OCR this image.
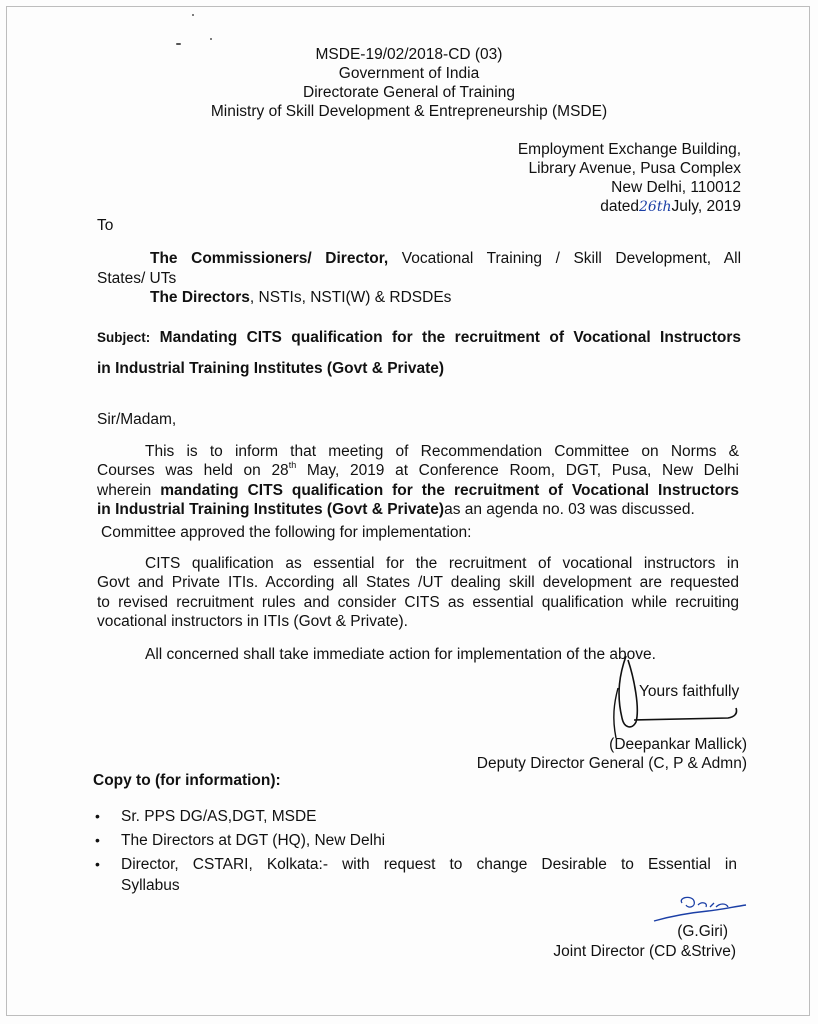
MSDE-19/02/2018-CD (03)
Government of India
Directorate General of Training
Ministry of Skill Development & Entrepreneurship (MSDE)
Employment Exchange Building,
Library Avenue, Pusa Complex
New Delhi, 110012
dated26thJuly, 2019
To
The Commissioners/ Director, Vocational Training / Skill Development, All
States/ UTs
The Directors, NSTIs, NSTI(W) & RDSDEs
Subject: Mandating CITS qualification for the recruitment of Vocational Instructors
in Industrial Training Institutes (Govt & Private)
Sir/Madam,
This is to inform that meeting of Recommendation Committee on Norms &
Courses was held on 28th May, 2019 at Conference Room, DGT, Pusa, New Delhi
wherein mandating CITS qualification for the recruitment of Vocational Instructors
in Industrial Training Institutes (Govt & Private)as an agenda no. 03 was discussed.
Committee approved the following for implementation:
CITS qualification as essential for the recruitment of vocational instructors in
Govt and Private ITIs. According all States /UT dealing skill development are requested
to revised recruitment rules and consider CITS as essential qualification while recruiting
vocational instructors in ITIs (Govt & Private).
All concerned shall take immediate action for implementation of the above.
Yours faithfully
(Deepankar Mallick)
Deputy Director General (C, P & Admn)
Copy to (for information):
• Sr. PPS DG/AS,DGT, MSDE
• The Directors at DGT (HQ), New Delhi
• Director, CSTARI, Kolkata:- with request to change Desirable to Essential in
Syllabus
(G.Giri)
Joint Director (CD &Strive)
